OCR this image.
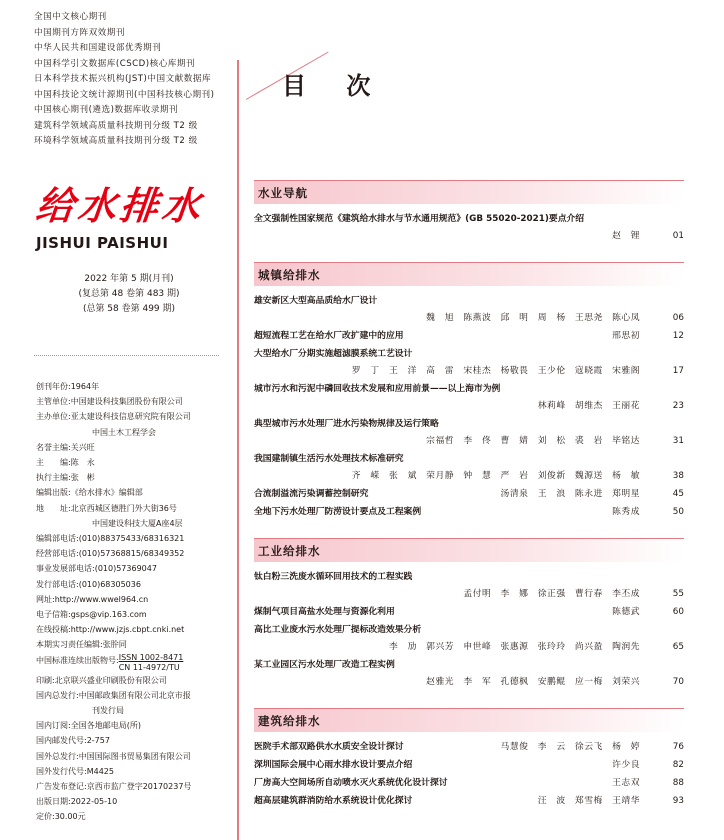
全国中文核心期刊
中国期刊方阵双效期刊
中华人民共和国建设部优秀期刊
中国科学引文数据库(CSCD)核心库期刊
日本科学技术振兴机构(JST)中国文献数据库
中国科技论文统计源期刊(中国科技核心期刊)
中国核心期刊(遴选)数据库收录期刊
建筑科学领域高质量科技期刊分级 T2 级
环境科学领域高质量科技期刊分级 T2 级
给水排水
JISHUI PAISHUI
2022 年第 5 期(月刊)
(复总第 48 卷第 483 期)
(总第 58 卷第 499 期)
创刊年份: 1964年
主管单位: 中国建设科技集团股份有限公司
主办单位: 亚太建设科技信息研究院有限公司
中国土木工程学会
名誉主编: 关兴旺
主　　编: 陈　永
执行主编: 张　彬
编辑出版: 《给水排水》编辑部
地　　址: 北京西城区德胜门外大街36号
中国建设科技大厦A座4层
编辑部电话: (010)88375433/68316321
经营部电话: (010)57368815/68349352
事业发展部电话: (010)57369047
发行部电话: (010)68305036
网址: http://www.wwel964.cn
电子信箱: gsps@vip.163.com
在线投稿: http://www.jzjs.cbpt.cnki.net
本期实习责任编辑: 张肸同
中国标准连续出版物号: ISSN 1002-8471
CN 11-4972/TU
印刷: 北京联兴盛业印刷股份有限公司
国内总发行: 中国邮政集团有限公司北京市报
刊发行局
国内订阅: 全国各地邮电局(所)
国内邮发代号: 2-757
国外总发行: 中国国际图书贸易集团有限公司
国外发行代号: M4425
广告发布登记: 京西市监广登字20170237号
出版日期: 2022-05-10
定价: 30.00元
目 次
水业导航
全文强制性国家规范《建筑给水排水与节水通用规范》(GB 55020-2021)要点介绍
赵　锂	01
城镇给排水
雄安新区大型高品质给水厂设计
魏　旭　陈燕波　邱　明　周　杨　王思尧　陈心凤	06
超短流程工艺在给水厂改扩建中的应用	邢思初	12
大型给水厂分期实施超滤膜系统工艺设计
罗　丁　王　洋　高　雷　宋桂杰　杨敬畏　王少伦　寇晓霞　宋雅阁	17
城市污水和污泥中磷回收技术发展和应用前景——以上海市为例
林莉峰　胡维杰　王丽花	23
典型城市污水处理厂进水污染物规律及运行策略
宗福哲　李　佟　曹　婧　刘　松　裘　岩　毕铭达	31
我国建制镇生活污水处理技术标准研究
齐　嵘　张　斌　荣月静　钟　慧　严　岩　刘俊新　魏源送　杨　敏	38
合流制溢流污染调蓄控制研究	汤清泉　王　浪　陈永进　郑明星	45
全地下污水处理厂防涝设计要点及工程案例	陈秀成	50
工业给排水
钛白粉三洗废水循环回用技术的工程实践
孟付明　李　娜　徐正强　曹行春　李丕成	55
煤制气项目高盐水处理与资源化利用	陈德武	60
高比工业废水污水处理厂提标改造效果分析
李　劢　郭兴芳　申世峰　张惠源　张玲玲　尚兴盈　陶润先	65
某工业园区污水处理厂改造工程实例
赵雅光　李　军　孔德枫　安鹏鲲　应一梅　刘荣兴	70
建筑给排水
医院手术部双路供水水质安全设计探讨	马慧俊　李　云　徐云飞　杨　婷	76
深圳国际会展中心雨水排水设计要点介绍	许少良	82
厂房高大空间场所自动喷水灭火系统优化设计探讨	王志双	88
超高层建筑群消防给水系统设计优化探讨	汪　波　郑雪梅　王靖华	93
